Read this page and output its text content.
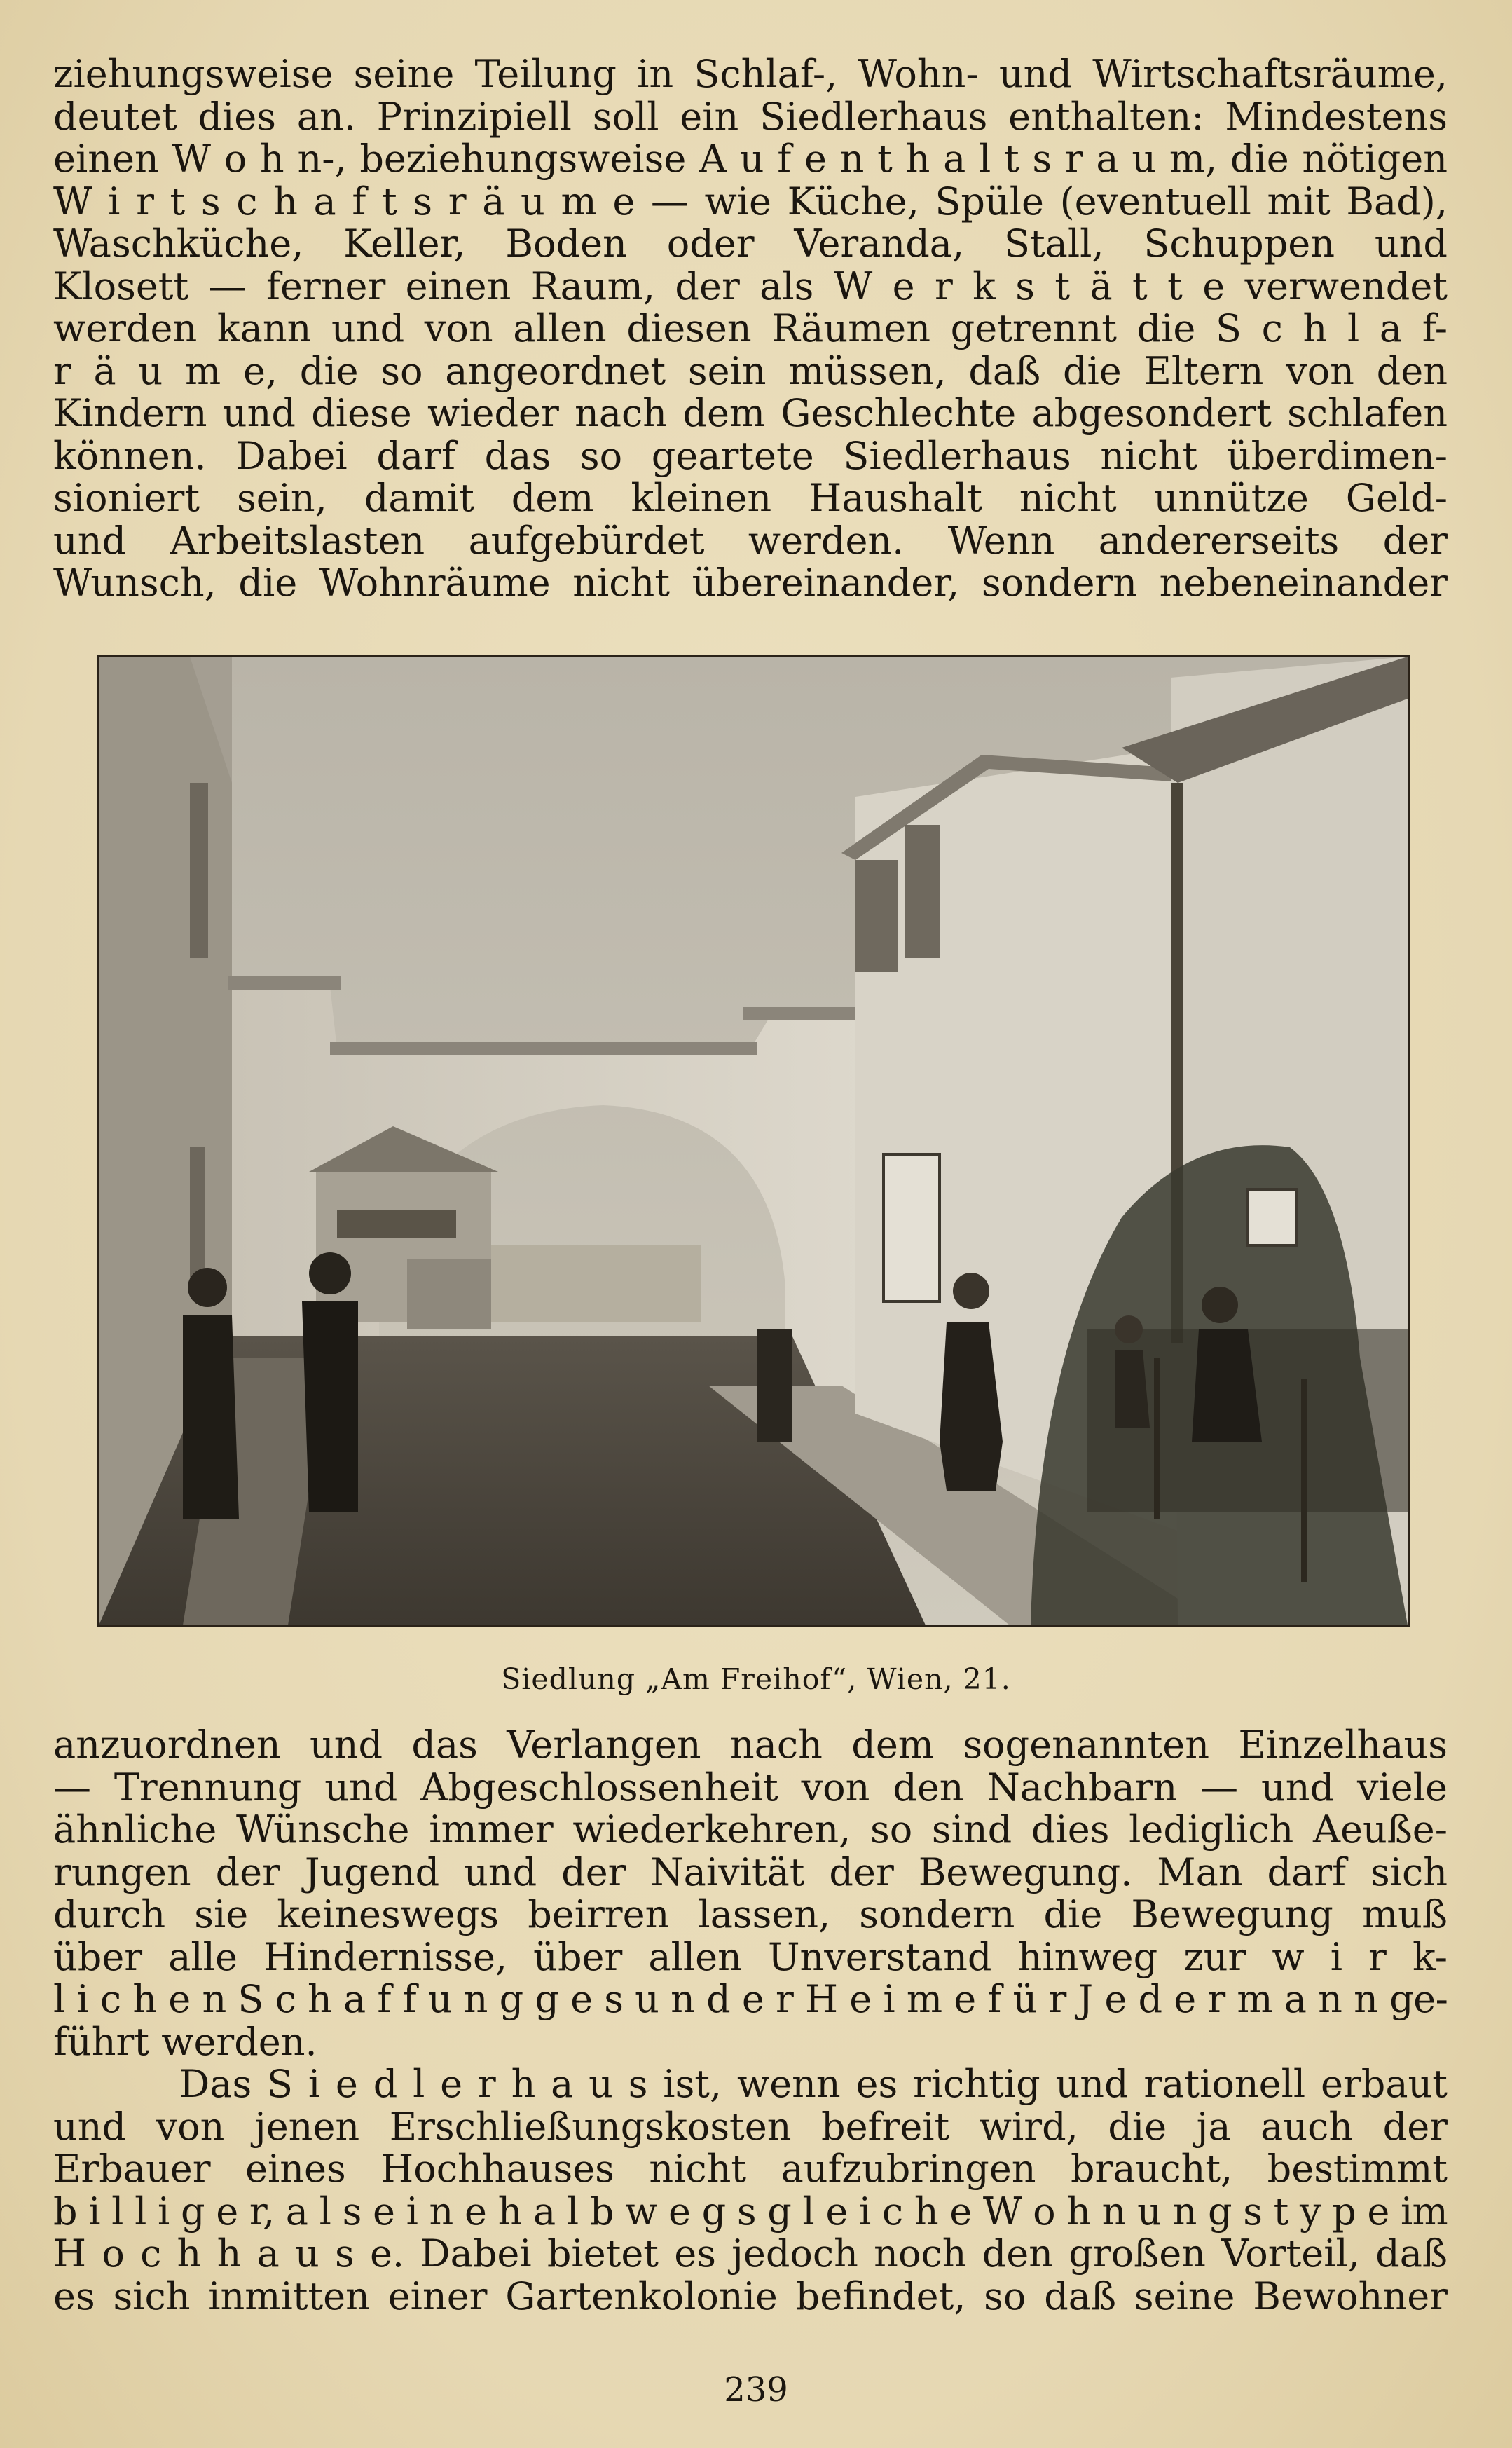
ziehungsweise seine Teilung in Schlaf-, Wohn- und Wirtschaftsräume,
deutet dies an. Prinzipiell soll ein Siedlerhaus enthalten: Mindestens
einen W o h n-, beziehungsweise A u f e n t h a l t s r a u m, die nötigen
W i r t s c h a f t s r ä u m e — wie Küche, Spüle (eventuell mit Bad),
Waschküche, Keller, Boden oder Veranda, Stall, Schuppen und
Klosett — ferner einen Raum, der als W e r k s t ä t t e verwendet
werden kann und von allen diesen Räumen getrennt die S c h l a f-
r ä u m e, die so angeordnet sein müssen, daß die Eltern von den
Kindern und diese wieder nach dem Geschlechte abgesondert schlafen
können. Dabei darf das so geartete Siedlerhaus nicht überdimen-
sioniert sein, damit dem kleinen Haushalt nicht unnütze Geld-
und Arbeitslasten aufgebürdet werden. Wenn andererseits der
Wunsch, die Wohnräume nicht übereinander, sondern nebeneinander
Siedlung „Am Freihof“, Wien, 21.
anzuordnen und das Verlangen nach dem sogenannten Einzelhaus
— Trennung und Abgeschlossenheit von den Nachbarn — und viele
ähnliche Wünsche immer wiederkehren, so sind dies lediglich Aeuße-
rungen der Jugend und der Naivität der Bewegung. Man darf sich
durch sie keineswegs beirren lassen, sondern die Bewegung muß
über alle Hindernisse, über allen Unverstand hinweg zur w i r k-
l i c h e n S c h a f f u n g g e s u n d e r H e i m e f ü r J e d e r m a n n ge-
führt werden.
Das S i e d l e r h a u s ist, wenn es richtig und rationell erbaut
und von jenen Erschließungskosten befreit wird, die ja auch der
Erbauer eines Hochhauses nicht aufzubringen braucht, bestimmt
b i l l i g e r, a l s e i n e h a l b w e g s g l e i c h e W o h n u n g s t y p e im
H o c h h a u s e. Dabei bietet es jedoch noch den großen Vorteil, daß
es sich inmitten einer Gartenkolonie befindet, so daß seine Bewohner
239
